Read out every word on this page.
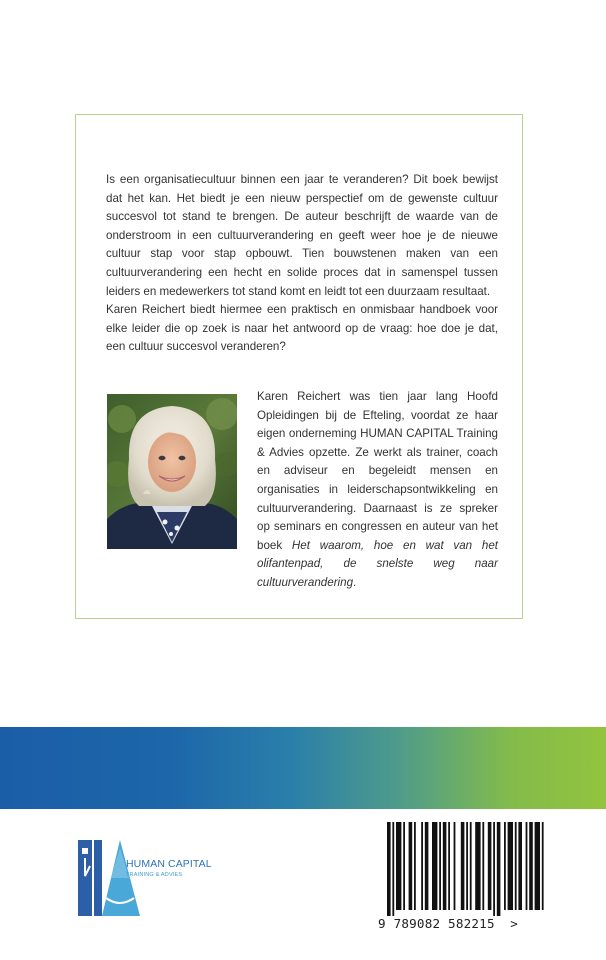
Is een organisatiecultuur binnen een jaar te veranderen? Dit boek bewijst dat het kan. Het biedt je een nieuw perspectief om de gewenste cultuur succesvol tot stand te brengen. De auteur beschrijft de waarde van de onderstroom in een cultuurverandering en geeft weer hoe je de nieuwe cultuur stap voor stap opbouwt. Tien bouwstenen maken van een cultuurverandering een hecht en solide proces dat in samenspel tussen leiders en medewerkers tot stand komt en leidt tot een duurzaam resultaat.

Karen Reichert biedt hiermee een praktisch en onmisbaar handboek voor elke leider die op zoek is naar het antwoord op de vraag: hoe doe je dat, een cultuur succesvol veranderen?

Karen Reichert was tien jaar lang Hoofd Opleidingen bij de Efteling, voordat ze haar eigen onderneming HUMAN CAPITAL Training & Advies opzette. Ze werkt als trainer, coach en adviseur en begeleidt mensen en organisaties in leiderschapsontwikkeling en cultuurverandering. Daarnaast is ze spreker op seminars en congressen en auteur van het boek Het waarom, hoe en wat van het olifantenpad, de snelste weg naar cultuurverandering.

HUMAN CAPITAL

TRAINING & ADVIES

9 789082 582215  >
